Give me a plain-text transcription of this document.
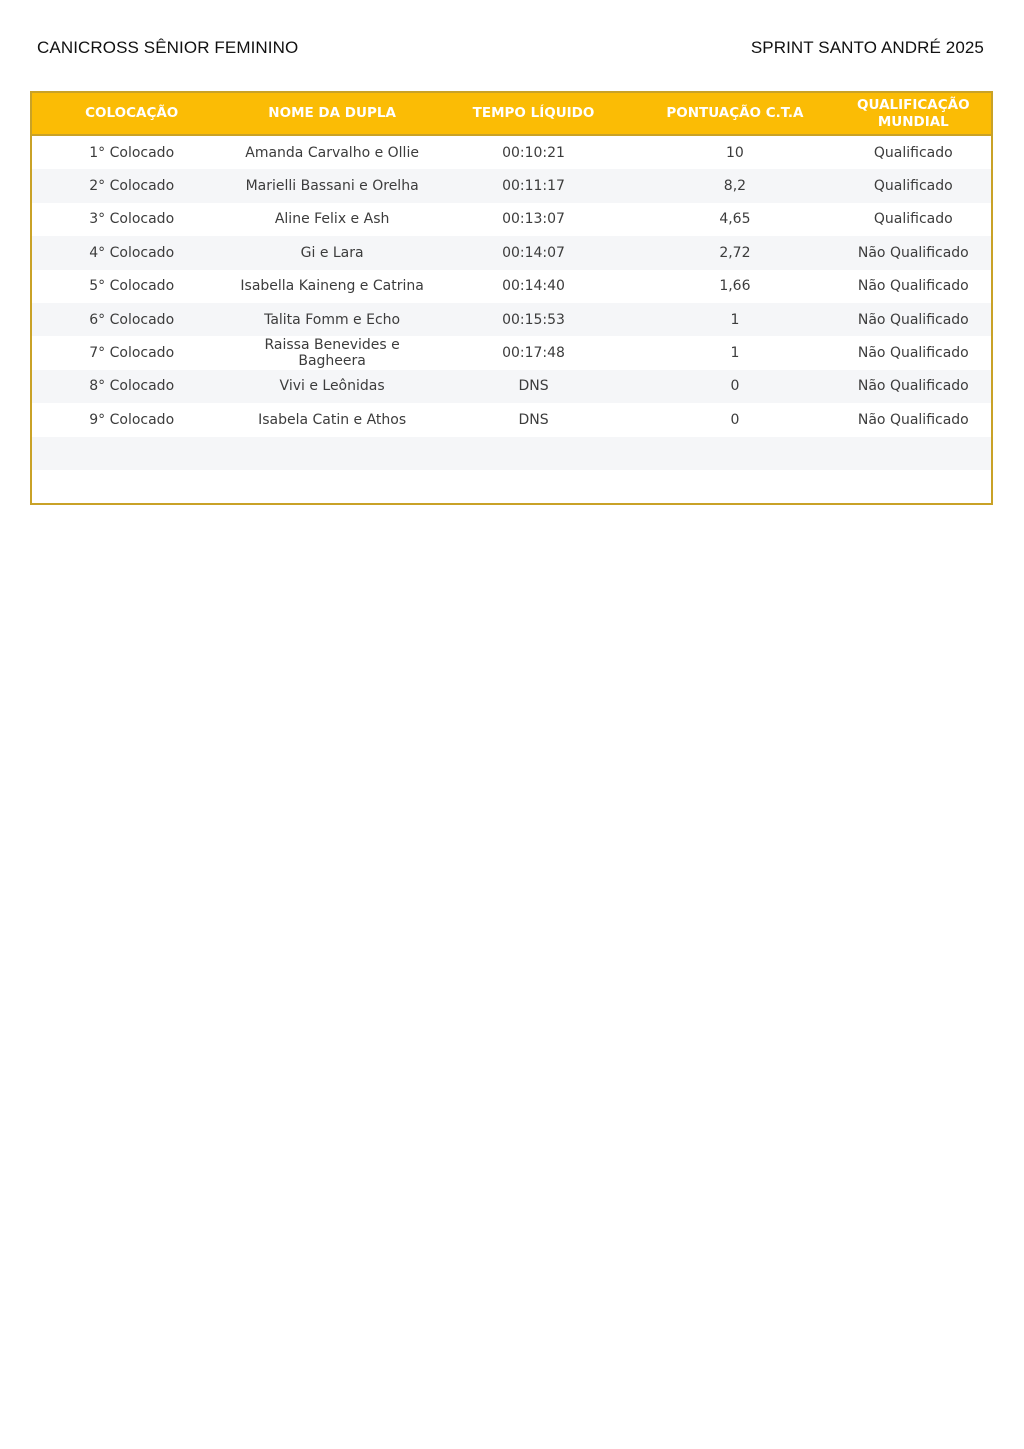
CANICROSS SÊNIOR FEMININO	SPRINT SANTO ANDRÉ 2025
COLOCAÇÃO	NOME DA DUPLA	TEMPO LÍQUIDO	PONTUAÇÃO C.T.A	QUALIFICAÇÃO MUNDIAL
1° Colocado	Amanda Carvalho e Ollie	00:10:21	10	Qualificado
2° Colocado	Marielli Bassani e Orelha	00:11:17	8,2	Qualificado
3° Colocado	Aline Felix e Ash	00:13:07	4,65	Qualificado
4° Colocado	Gi e Lara	00:14:07	2,72	Não Qualificado
5° Colocado	Isabella Kaineng e Catrina	00:14:40	1,66	Não Qualificado
6° Colocado	Talita Fomm e Echo	00:15:53	1	Não Qualificado
7° Colocado	Raissa Benevides e Bagheera	00:17:48	1	Não Qualificado
8° Colocado	Vivi e Leônidas	DNS	0	Não Qualificado
9° Colocado	Isabela Catin e Athos	DNS	0	Não Qualificado
